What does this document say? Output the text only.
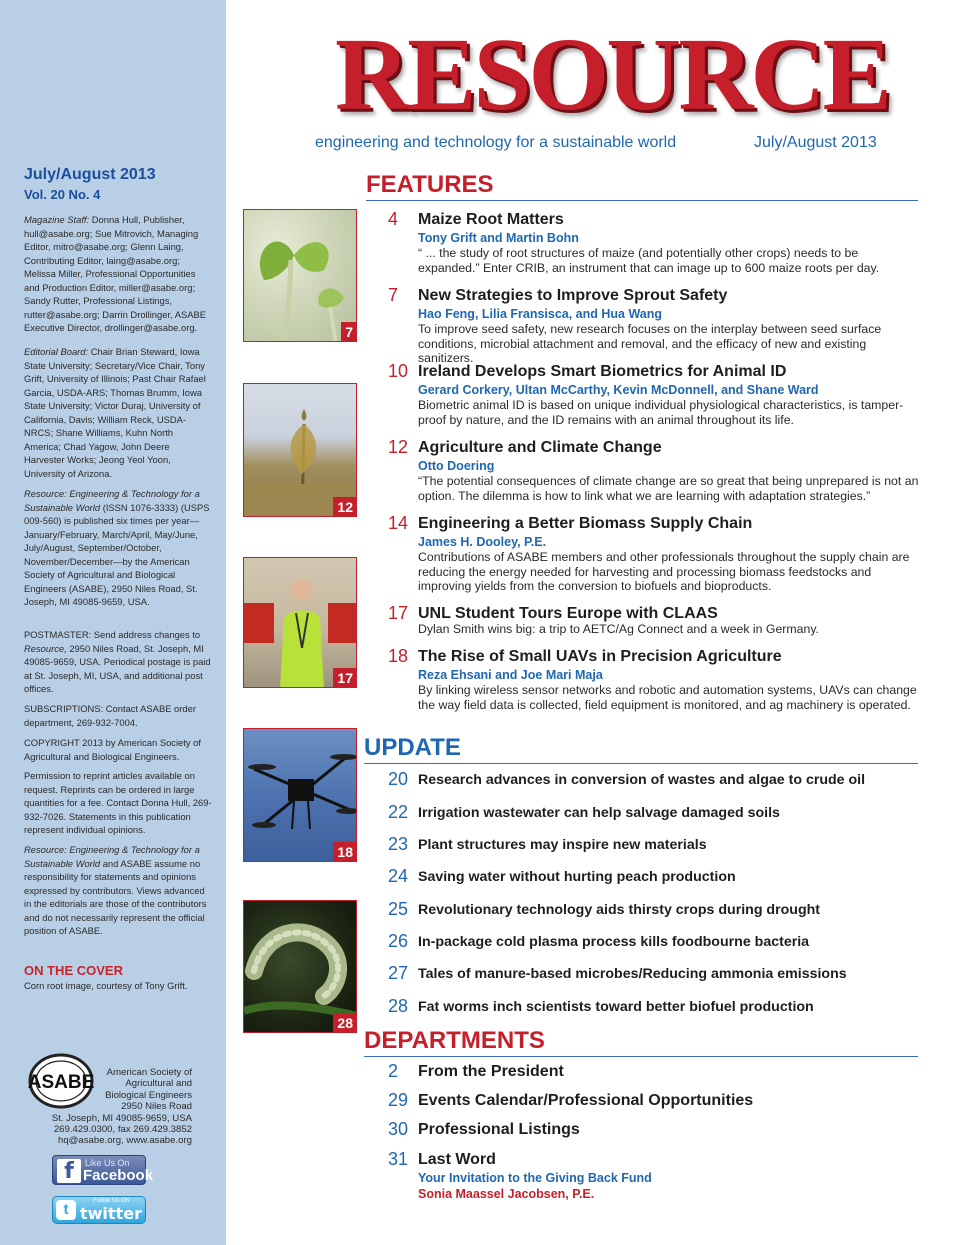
July/August 2013
Vol. 20 No. 4
Magazine Staff: Donna Hull, Publisher, hull@asabe.org; Sue Mitrovich, Managing Editor, mitro@asabe.org; Glenn Laing, Contributing Editor, laing@asabe.org; Melissa Miller, Professional Opportunities and Production Editor, miller@asabe.org; Sandy Rutter, Professional Listings, rutter@asabe.org; Darrin Drollinger, ASABE Executive Director, drollinger@asabe.org.
Editorial Board: Chair Brian Steward, Iowa State University; Secretary/Vice Chair, Tony Grift, University of Illinois; Past Chair Rafael Garcia, USDA-ARS; Thomas Brumm, Iowa State University; Victor Duraj, University of California, Davis; William Reck, USDA-NRCS; Shane Williams, Kuhn North America; Chad Yagow, John Deere Harvester Works; Jeong Yeol Yoon, University of Arizona.
Resource: Engineering & Technology for a Sustainable World (ISSN 1076-3333) (USPS 009-560) is published six times per year—January/February, March/April, May/June, July/August, September/October, November/December—by the American Society of Agricultural and Biological Engineers (ASABE), 2950 Niles Road, St. Joseph, MI 49085-9659, USA.
POSTMASTER: Send address changes to Resource, 2950 Niles Road, St. Joseph, MI 49085-9659, USA. Periodical postage is paid at St. Joseph, MI, USA, and additional post offices.
SUBSCRIPTIONS: Contact ASABE order department, 269-932-7004.
COPYRIGHT 2013 by American Society of Agricultural and Biological Engineers.
Permission to reprint articles available on request. Reprints can be ordered in large quantities for a fee. Contact Donna Hull, 269-932-7026. Statements in this publication represent individual opinions.
Resource: Engineering & Technology for a Sustainable World and ASABE assume no responsibility for statements and opinions expressed by contributors. Views advanced in the editorials are those of the contributors and do not necessarily represent the official position of ASABE.
ON THE COVER
Corn root image, courtesy of Tony Grift.
ASABE	American Society of
Agricultural and
Biological Engineers
2950 Niles Road
St. Joseph, MI 49085-9659, USA
269.429.0300, fax 269.429.3852
hq@asabe.org, www.asabe.org
f	Like Us On
Facebook
t	Follow Us On
twitter
RESOURCE
engineering and technology for a sustainable world	July/August 2013
7
12
17
18
28
FEATURES
4	Maize Root Matters
Tony Grift and Martin Bohn
“ ... the study of root structures of maize (and potentially other crops) needs to be expanded.” Enter CRIB, an instrument that can image up to 600 maize roots per day.
7	New Strategies to Improve Sprout Safety
Hao Feng, Lilia Fransisca, and Hua Wang
To improve seed safety, new research focuses on the interplay between seed surface conditions, microbial attachment and removal, and the efficacy of new and existing sanitizers.
10 Ireland Develops Smart Biometrics for Animal ID
Gerard Corkery, Ultan McCarthy, Kevin McDonnell, and Shane Ward
Biometric animal ID is based on unique individual physiological characteristics, is tamper-proof by nature, and the ID remains with an animal throughout its life.
12 Agriculture and Climate Change
Otto Doering
“The potential consequences of climate change are so great that being unprepared is not an option. The dilemma is how to link what we are learning with adaptation strategies.”
14 Engineering a Better Biomass Supply Chain
James H. Dooley, P.E.
Contributions of ASABE members and other professionals throughout the supply chain are reducing the energy needed for harvesting and processing biomass feedstocks and improving yields from the conversion to biofuels and bioproducts.
17 UNL Student Tours Europe with CLAAS
Dylan Smith wins big: a trip to AETC/Ag Connect and a week in Germany.
18 The Rise of Small UAVs in Precision Agriculture
Reza Ehsani and Joe Mari Maja
By linking wireless sensor networks and robotic and automation systems, UAVs can change the way field data is collected, field equipment is monitored, and ag machinery is operated.
UPDATE
20 Research advances in conversion of wastes and algae to crude oil
22 Irrigation wastewater can help salvage damaged soils
23 Plant structures may inspire new materials
24 Saving water without hurting peach production
25 Revolutionary technology aids thirsty crops during drought
26 In-package cold plasma process kills foodbourne bacteria
27 Tales of manure-based microbes/Reducing ammonia emissions
28 Fat worms inch scientists toward better biofuel production
DEPARTMENTS
2 From the President
29 Events Calendar/Professional Opportunities
30 Professional Listings
31 Last Word
Your Invitation to the Giving Back Fund
Sonia Maassel Jacobsen, P.E.
